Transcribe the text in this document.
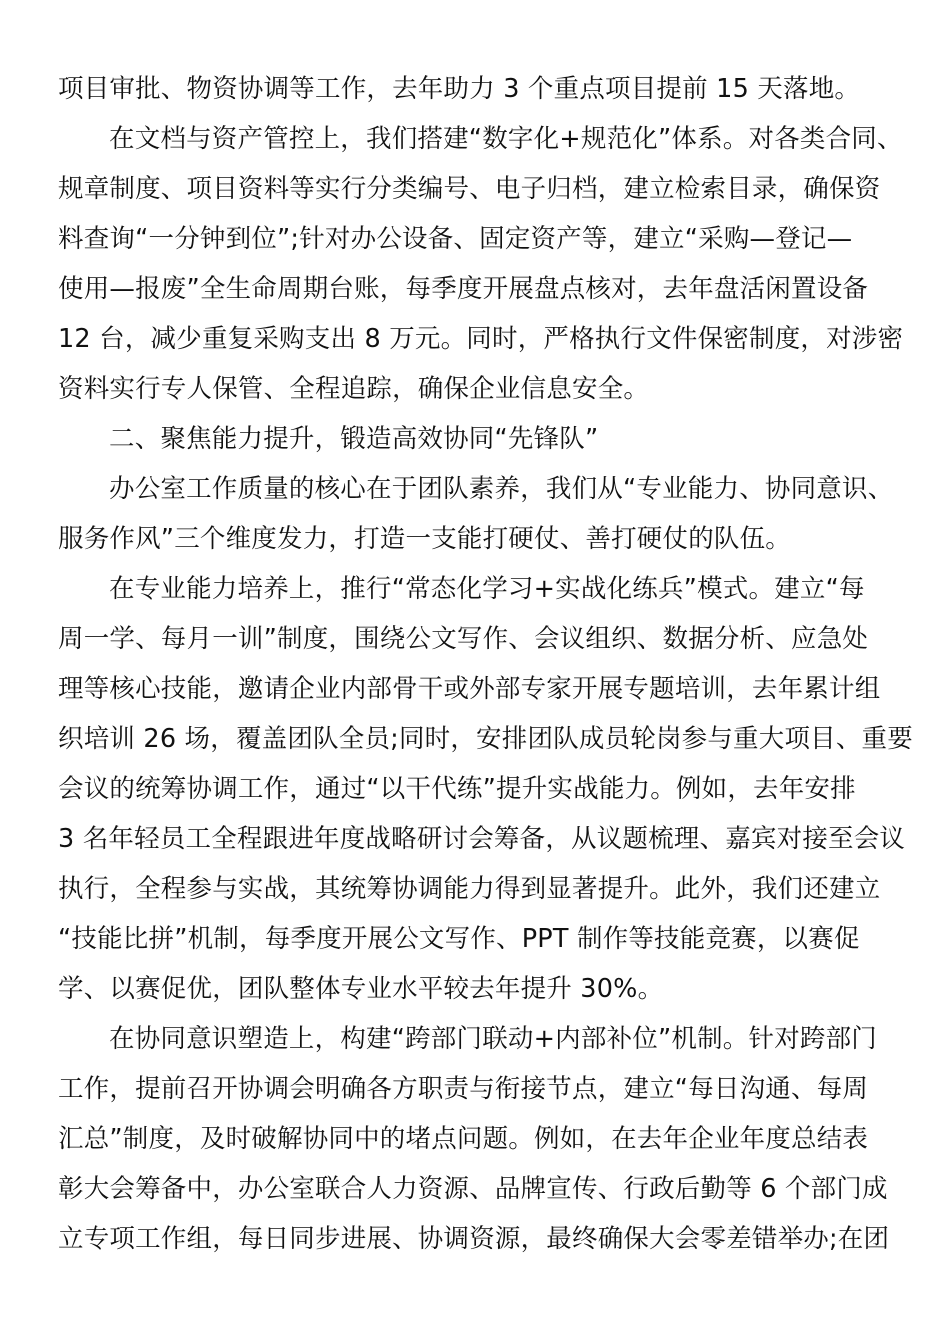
项目审批、物资协调等工作，去年助力 3 个重点项目提前 15 天落地。
在文档与资产管控上，我们搭建“数字化+规范化”体系。对各类合同、
规章制度、项目资料等实行分类编号、电子归档，建立检索目录，确保资
料查询“一分钟到位”;针对办公设备、固定资产等，建立“采购—登记—
使用—报废”全生命周期台账，每季度开展盘点核对，去年盘活闲置设备
12 台，减少重复采购支出 8 万元。同时，严格执行文件保密制度，对涉密
资料实行专人保管、全程追踪，确保企业信息安全。
二、聚焦能力提升，锻造高效协同“先锋队”
办公室工作质量的核心在于团队素养，我们从“专业能力、协同意识、
服务作风”三个维度发力，打造一支能打硬仗、善打硬仗的队伍。
在专业能力培养上，推行“常态化学习+实战化练兵”模式。建立“每
周一学、每月一训”制度，围绕公文写作、会议组织、数据分析、应急处
理等核心技能，邀请企业内部骨干或外部专家开展专题培训，去年累计组
织培训 26 场，覆盖团队全员;同时，安排团队成员轮岗参与重大项目、重要
会议的统筹协调工作，通过“以干代练”提升实战能力。例如，去年安排
3 名年轻员工全程跟进年度战略研讨会筹备，从议题梳理、嘉宾对接至会议
执行，全程参与实战，其统筹协调能力得到显著提升。此外，我们还建立
“技能比拼”机制，每季度开展公文写作、PPT 制作等技能竞赛，以赛促
学、以赛促优，团队整体专业水平较去年提升 30%。
在协同意识塑造上，构建“跨部门联动+内部补位”机制。针对跨部门
工作，提前召开协调会明确各方职责与衔接节点，建立“每日沟通、每周
汇总”制度，及时破解协同中的堵点问题。例如，在去年企业年度总结表
彰大会筹备中，办公室联合人力资源、品牌宣传、行政后勤等 6 个部门成
立专项工作组，每日同步进展、协调资源，最终确保大会零差错举办;在团
